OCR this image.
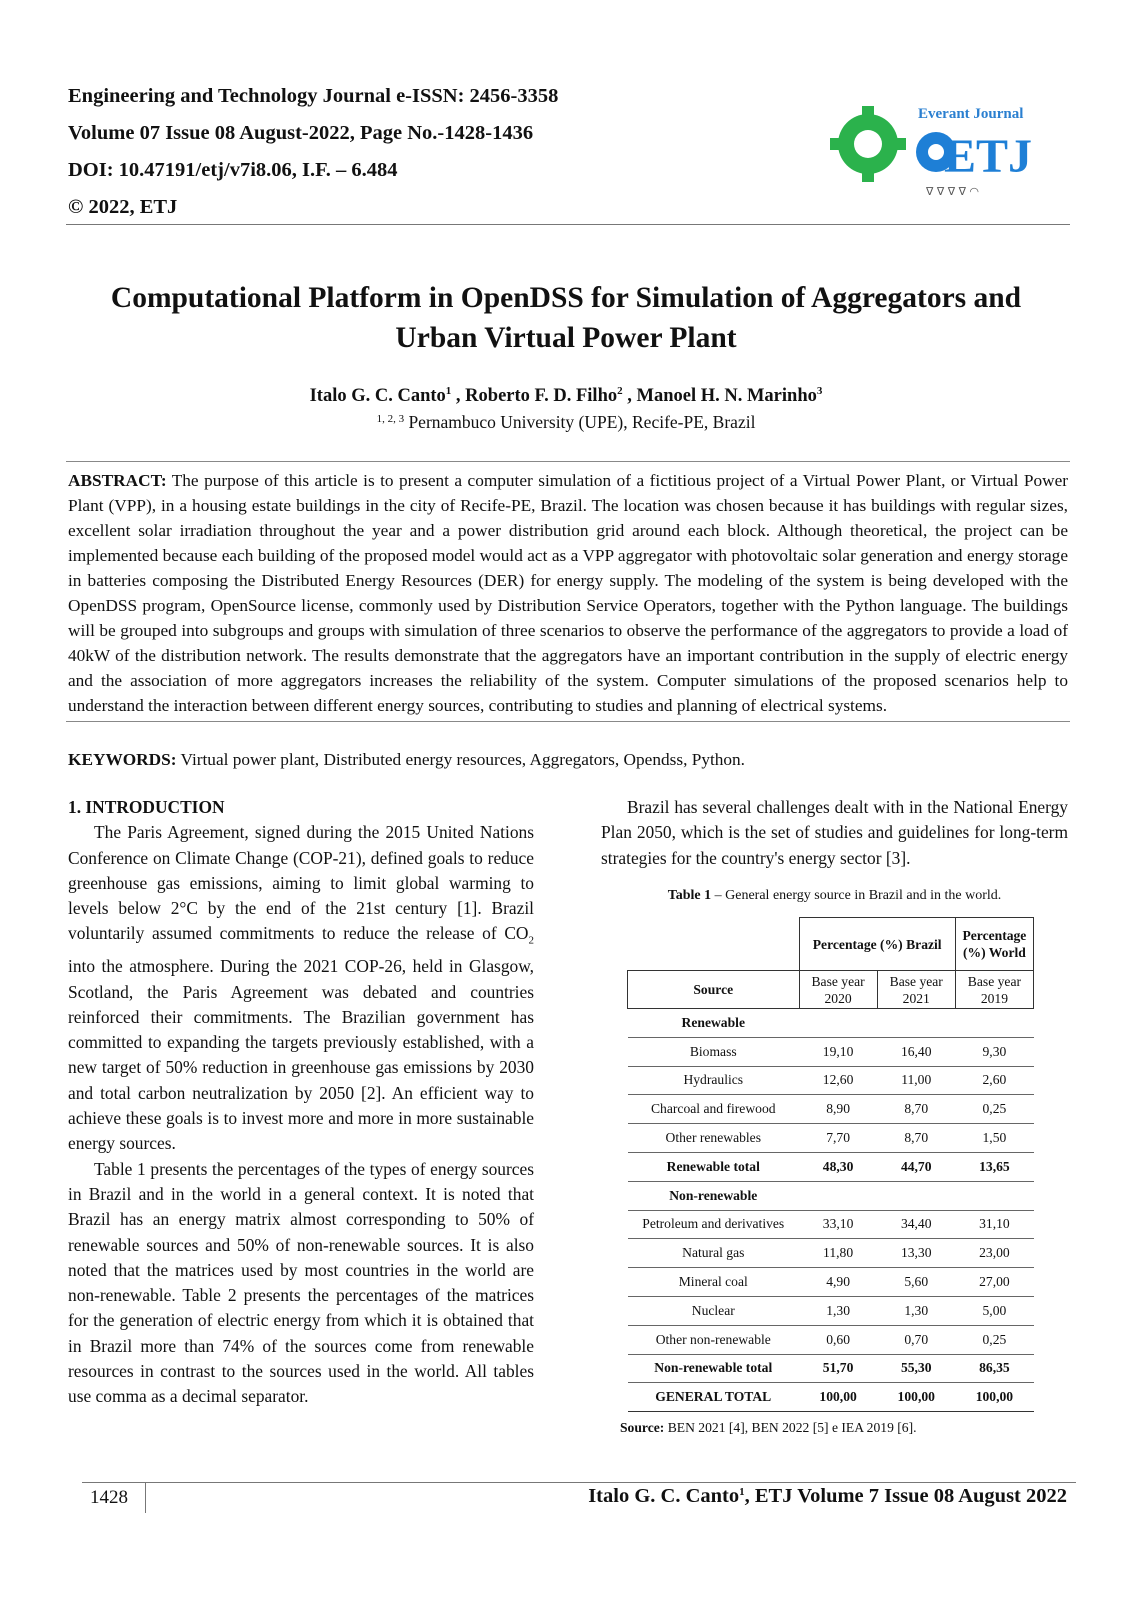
Engineering and Technology Journal e-ISSN: 2456-3358
Volume 07 Issue 08 August-2022, Page No.-1428-1436
DOI: 10.47191/etj/v7i8.06, I.F. – 6.484
© 2022, ETJ
Everant Journal
ETJ
∇ ∇ ∇ ∇ ◠
Computational Platform in OpenDSS for Simulation of Aggregators and
Urban Virtual Power Plant
Italo G. C. Canto$^1$ , Roberto F. D. Filho$^2$ , Manoel H. N. Marinho$^3$
$^{1, 2, 3}$ Pernambuco University (UPE), Recife-PE, Brazil
ABSTRACT: The purpose of this article is to present a computer simulation of a fictitious project of a Virtual Power Plant, or Virtual Power Plant (VPP), in a housing estate buildings in the city of Recife-PE, Brazil. The location was chosen because it has buildings with regular sizes, excellent solar irradiation throughout the year and a power distribution grid around each block. Although theoretical, the project can be implemented because each building of the proposed model would act as a VPP aggregator with photovoltaic solar generation and energy storage in batteries composing the Distributed Energy Resources (DER) for energy supply. The modeling of the system is being developed with the OpenDSS program, OpenSource license, commonly used by Distribution Service Operators, together with the Python language. The buildings will be grouped into subgroups and groups with simulation of three scenarios to observe the performance of the aggregators to provide a load of 40kW of the distribution network. The results demonstrate that the aggregators have an important contribution in the supply of electric energy and the association of more aggregators increases the reliability of the system. Computer simulations of the proposed scenarios help to understand the interaction between different energy sources, contributing to studies and planning of electrical systems.
KEYWORDS: Virtual power plant, Distributed energy resources, Aggregators, Opendss, Python.
1. INTRODUCTION

The Paris Agreement, signed during the 2015 United Nations Conference on Climate Change (COP-21), defined goals to reduce greenhouse gas emissions, aiming to limit global warming to levels below 2°C by the end of the 21st century [1]. Brazil voluntarily assumed commitments to reduce the release of $CO_2$ into the atmosphere. During the 2021 COP-26, held in Glasgow, Scotland, the Paris Agreement was debated and countries reinforced their commitments. The Brazilian government has committed to expanding the targets previously established, with a new target of 50% reduction in greenhouse gas emissions by 2030 and total carbon neutralization by 2050 [2]. An efficient way to achieve these goals is to invest more and more in more sustainable energy sources.

Table 1 presents the percentages of the types of energy sources in Brazil and in the world in a general context. It is noted that Brazil has an energy matrix almost corresponding to 50% of renewable sources and 50% of non-renewable sources. It is also noted that the matrices used by most countries in the world are non-renewable. Table 2 presents the percentages of the matrices for the generation of electric energy from which it is obtained that in Brazil more than 74% of the sources come from renewable resources in contrast to the sources used in the world. All tables use comma as a decimal separator.

Brazil has several challenges dealt with in the National Energy Plan 2050, which is the set of studies and guidelines for long-term strategies for the country's energy sector [3].

Table 1 – General energy source in Brazil and in the world.
	Percentage (%) Brazil		Percentage (%) World
Source	Base year 2020	Base year 2021	Base year 2019
Renewable			
Biomass	19,10	16,40	9,30
Hydraulics	12,60	11,00	2,60
Charcoal and firewood	8,90	8,70	0,25
Other renewables	7,70	8,70	1,50
Renewable total	48,30	44,70	13,65
Non-renewable			
Petroleum and derivatives	33,10	34,40	31,10
Natural gas	11,80	13,30	23,00
Mineral coal	4,90	5,60	27,00
Nuclear	1,30	1,30	5,00
Other non-renewable	0,60	0,70	0,25
Non-renewable total	51,70	55,30	86,35
GENERAL TOTAL	100,00	100,00	100,00
Source: BEN 2021 [4], BEN 2022 [5] e IEA 2019 [6].
1428	Italo G. C. Canto$^1$, ETJ Volume 7 Issue 08 August 2022
